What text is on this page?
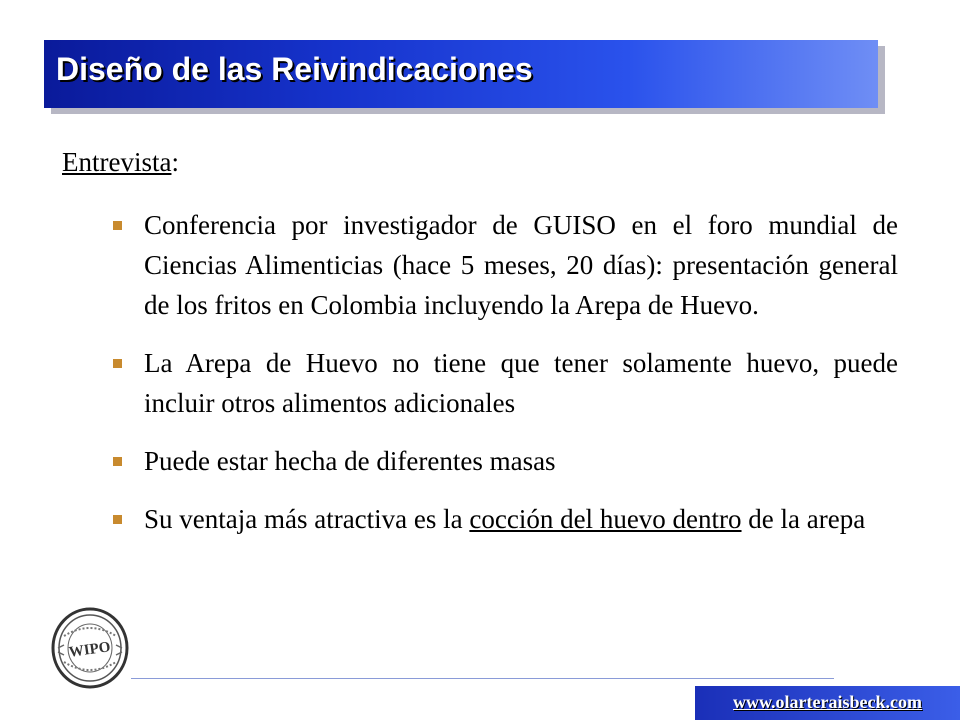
Diseño de las Reivindicaciones
Entrevista:
Conferencia por investigador de GUISO en el foro mundial de Ciencias Alimenticias (hace 5 meses, 20 días): presentación general de los fritos en Colombia incluyendo la Arepa de Huevo.
La Arepa de Huevo no tiene que tener solamente huevo, puede incluir otros alimentos adicionales
Puede estar hecha de diferentes masas
Su ventaja más atractiva es la cocción del huevo dentro de la arepa
WIPO
www.olarteraisbeck.com
